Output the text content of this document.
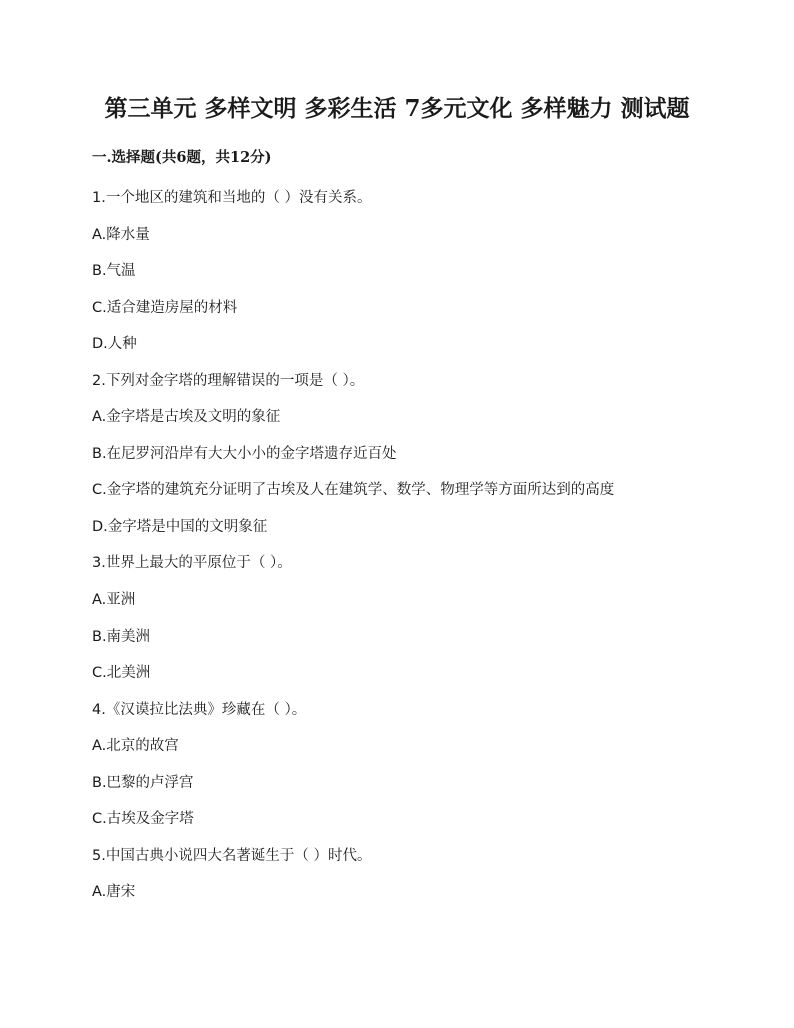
第三单元 多样文明 多彩生活 7多元文化 多样魅力 测试题
一.选择题(共6题，共12分)
1.一个地区的建筑和当地的（ ）没有关系。
A.降水量
B.气温
C.适合建造房屋的材料
D.人种
2.下列对金字塔的理解错误的一项是（ ）。
A.金字塔是古埃及文明的象征
B.在尼罗河沿岸有大大小小的金字塔遗存近百处
C.金字塔的建筑充分证明了古埃及人在建筑学、数学、物理学等方面所达到的高度
D.金字塔是中国的文明象征
3.世界上最大的平原位于（ ）。
A.亚洲
B.南美洲
C.北美洲
4.《汉谟拉比法典》珍藏在（ ）。
A.北京的故宫
B.巴黎的卢浮宫
C.古埃及金字塔
5.中国古典小说四大名著诞生于（ ）时代。
A.唐宋
